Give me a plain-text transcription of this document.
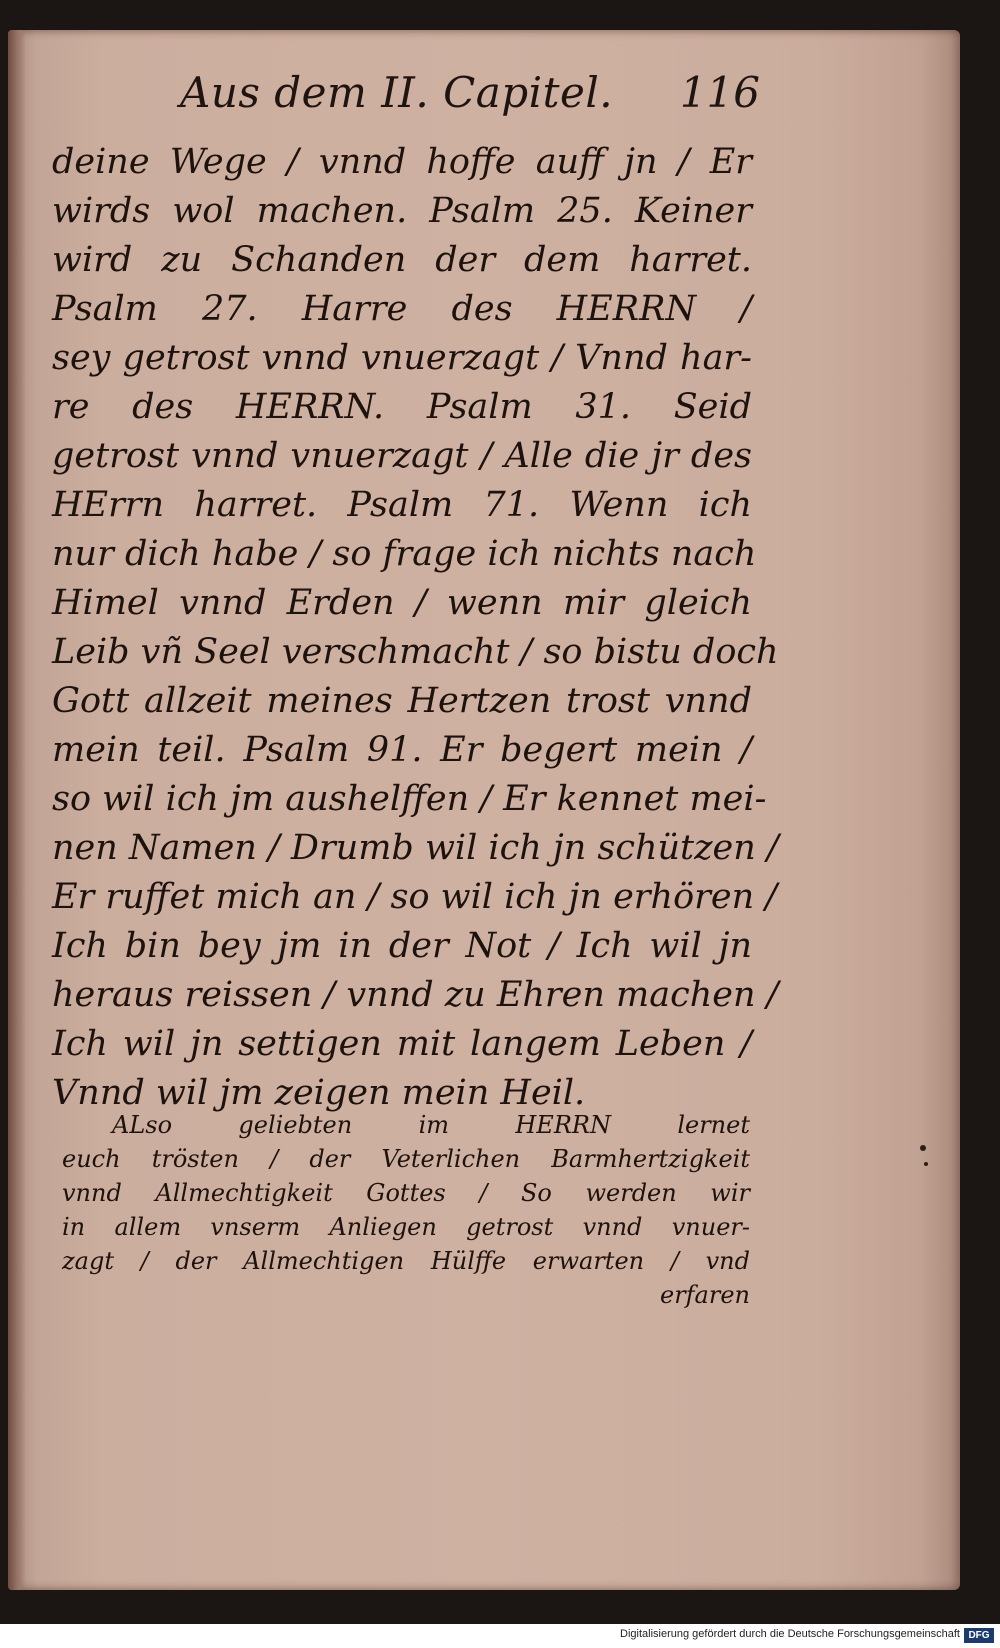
Aus dem II. Capitel. 116
deine Wege / vnnd hoffe auff jn / Er
wirds wol machen. Psalm 25. Keiner
wird zu Schanden der dem harret.
Psalm 27. Harre des HERRN /
sey getrost vnnd vnuerzagt / Vnnd har-
re des HERRN. Psalm 31. Seid
getrost vnnd vnuerzagt / Alle die jr des
HErrn harret. Psalm 71. Wenn ich
nur dich habe / so frage ich nichts nach
Himel vnnd Erden / wenn mir gleich
Leib vñ Seel verschmacht / so bistu doch
Gott allzeit meines Hertzen trost vnnd
mein teil. Psalm 91. Er begert mein /
so wil ich jm aushelffen / Er kennet mei-
nen Namen / Drumb wil ich jn schützen /
Er ruffet mich an / so wil ich jn erhören /
Ich bin bey jm in der Not / Ich wil jn
heraus reissen / vnnd zu Ehren machen /
Ich wil jn settigen mit langem Leben /
Vnnd wil jm zeigen mein Heil.
ALso geliebten im HERRN lernet
euch trösten / der Veterlichen Barmhertzigkeit
vnnd Allmechtigkeit Gottes / So werden wir
in allem vnserm Anliegen getrost vnnd vnuer-
zagt / der Allmechtigen Hülffe erwarten / vnd
erfaren
Digitalisierung gefördert durch die Deutsche Forschungsgemeinschaft DFG
